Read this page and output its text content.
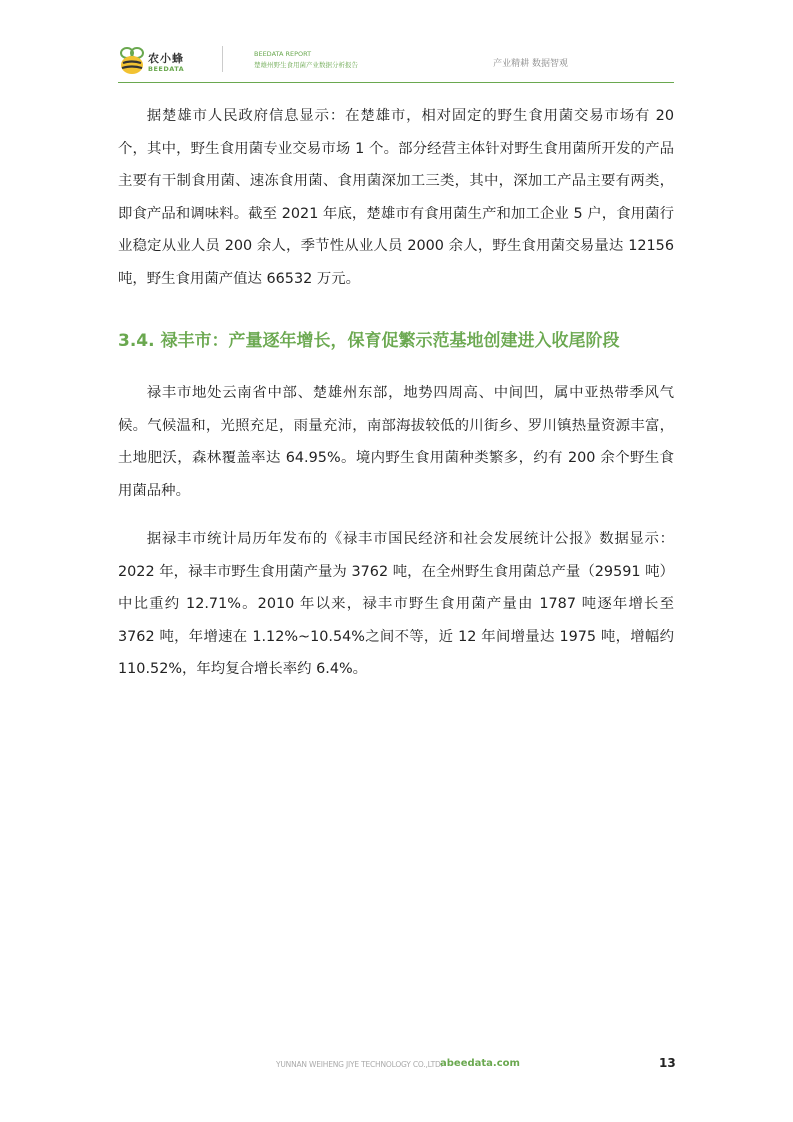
农小蜂
BEEDATA
BEEDATA REPORT
楚雄州野生食用菌产业数据分析报告	产业精耕 数据智观

据楚雄市人民政府信息显示：在楚雄市，相对固定的野生食用菌交易市场有 20 个，其中，野生食用菌专业交易市场 1 个。部分经营主体针对野生食用菌所开发的产品主要有干制食用菌、速冻食用菌、食用菌深加工三类，其中，深加工产品主要有两类，即食产品和调味料。截至 2021 年底，楚雄市有食用菌生产和加工企业 5 户，食用菌行业稳定从业人员 200 余人，季节性从业人员 2000 余人，野生食用菌交易量达 12156 吨，野生食用菌产值达 66532 万元。

3.4. 禄丰市：产量逐年增长，保育促繁示范基地创建进入收尾阶段

禄丰市地处云南省中部、楚雄州东部，地势四周高、中间凹，属中亚热带季风气候。气候温和，光照充足，雨量充沛，南部海拔较低的川街乡、罗川镇热量资源丰富，土地肥沃，森林覆盖率达 64.95%。境内野生食用菌种类繁多，约有 200 余个野生食用菌品种。

据禄丰市统计局历年发布的《禄丰市国民经济和社会发展统计公报》数据显示：2022 年，禄丰市野生食用菌产量为 3762 吨，在全州野生食用菌总产量（29591 吨）中比重约 12.71%。2010 年以来，禄丰市野生食用菌产量由 1787 吨逐年增长至 3762 吨，年增速在 1.12%~10.54%之间不等，近 12 年间增量达 1975 吨，增幅约 110.52%，年均复合增长率约 6.4%。

YUNNAN WEIHENG JIYE TECHNOLOGY CO.,LTD.
abeedata.com	13
